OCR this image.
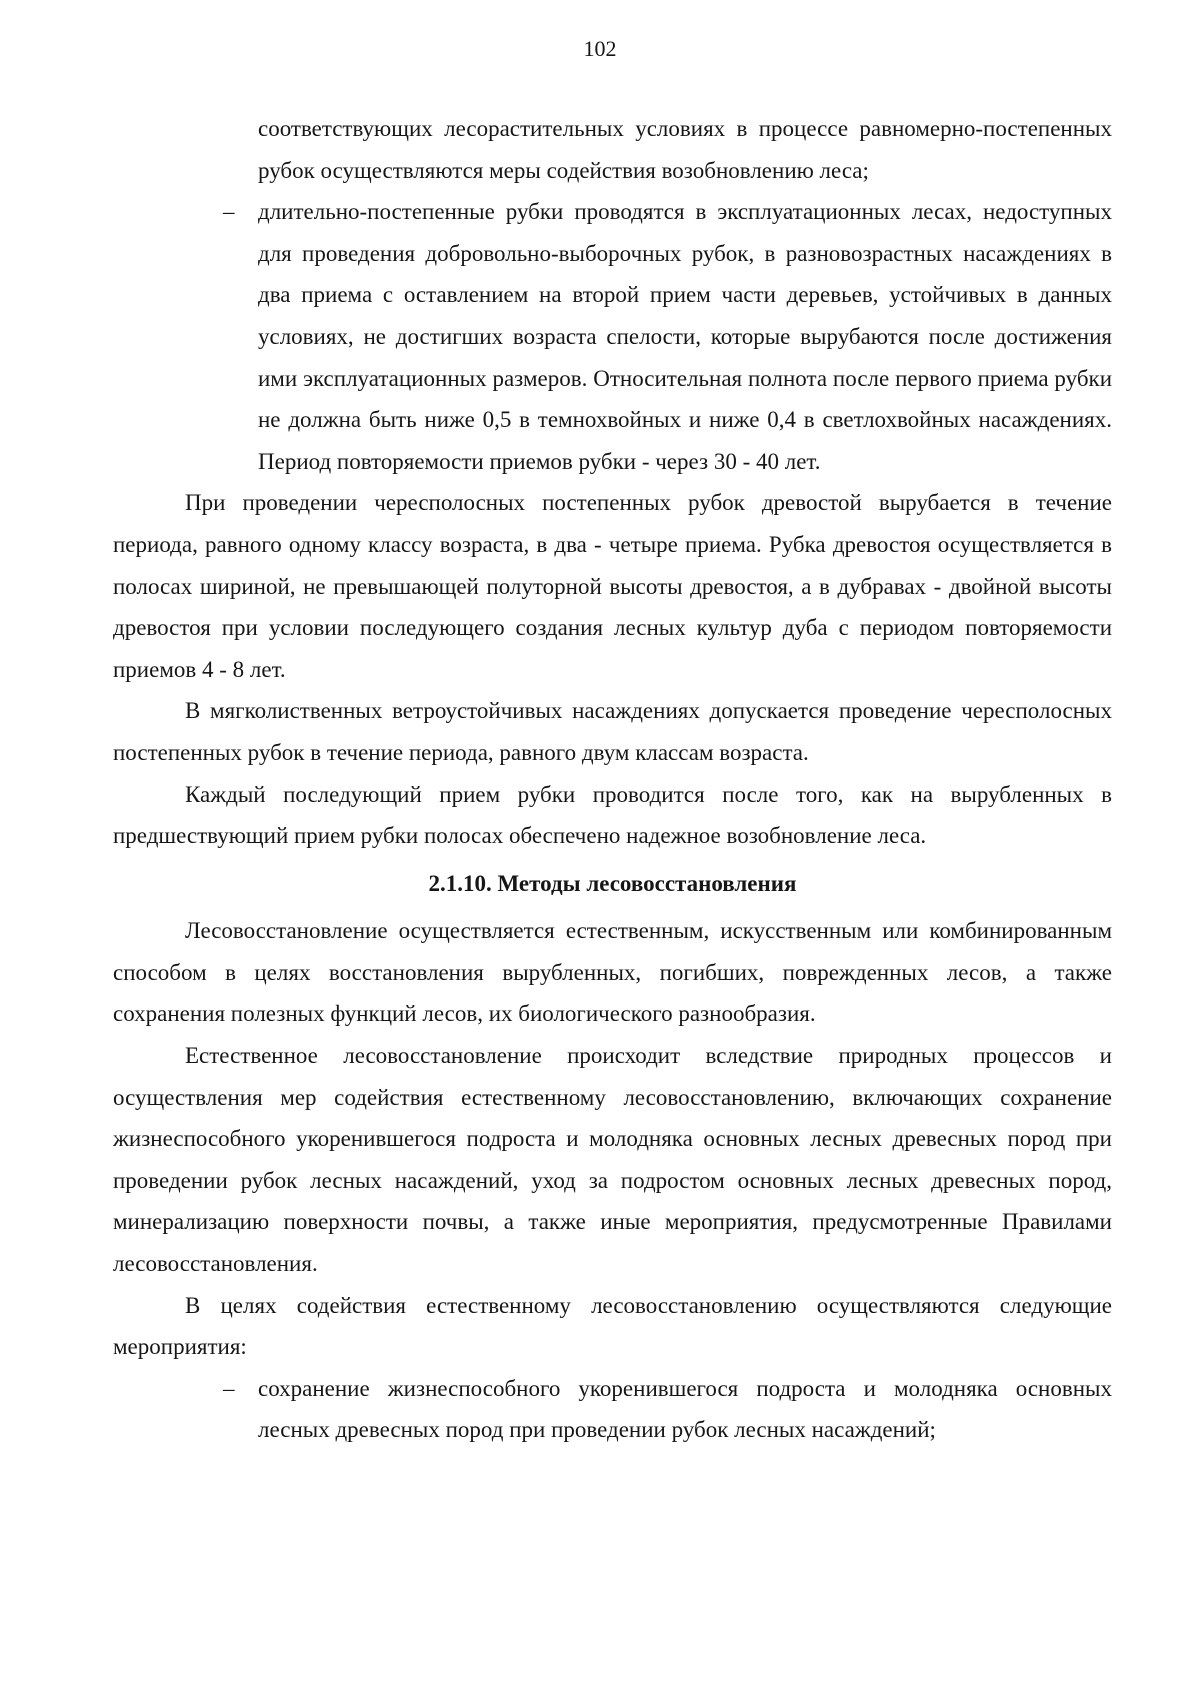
102

соответствующих лесорастительных условиях в процессе равномерно-постепенных рубок осуществляются меры содействия возобновлению леса;

– длительно-постепенные рубки проводятся в эксплуатационных лесах, недоступных для проведения добровольно-выборочных рубок, в разновозрастных насаждениях в два приема с оставлением на второй прием части деревьев, устойчивых в данных условиях, не достигших возраста спелости, которые вырубаются после достижения ими эксплуатационных размеров. Относительная полнота после первого приема рубки не должна быть ниже 0,5 в темнохвойных и ниже 0,4 в светлохвойных насаждениях. Период повторяемости приемов рубки - через 30 - 40 лет.

При проведении чересполосных постепенных рубок древостой вырубается в течение периода, равного одному классу возраста, в два - четыре приема. Рубка древостоя осуществляется в полосах шириной, не превышающей полуторной высоты древостоя, а в дубравах - двойной высоты древостоя при условии последующего создания лесных культур дуба с периодом повторяемости приемов 4 - 8 лет.

В мягколиственных ветроустойчивых насаждениях допускается проведение чересполосных постепенных рубок в течение периода, равного двум классам возраста.

Каждый последующий прием рубки проводится после того, как на вырубленных в предшествующий прием рубки полосах обеспечено надежное возобновление леса.

2.1.10. Методы лесовосстановления

Лесовосстановление осуществляется естественным, искусственным или комбинированным способом в целях восстановления вырубленных, погибших, поврежденных лесов, а также сохранения полезных функций лесов, их биологического разнообразия.

Естественное лесовосстановление происходит вследствие природных процессов и осуществления мер содействия естественному лесовосстановлению, включающих сохранение жизнеспособного укоренившегося подроста и молодняка основных лесных древесных пород при проведении рубок лесных насаждений, уход за подростом основных лесных древесных пород, минерализацию поверхности почвы, а также иные мероприятия, предусмотренные Правилами лесовосстановления.

В целях содействия естественному лесовосстановлению осуществляются следующие мероприятия:

– сохранение жизнеспособного укоренившегося подроста и молодняка основных лесных древесных пород при проведении рубок лесных насаждений;
